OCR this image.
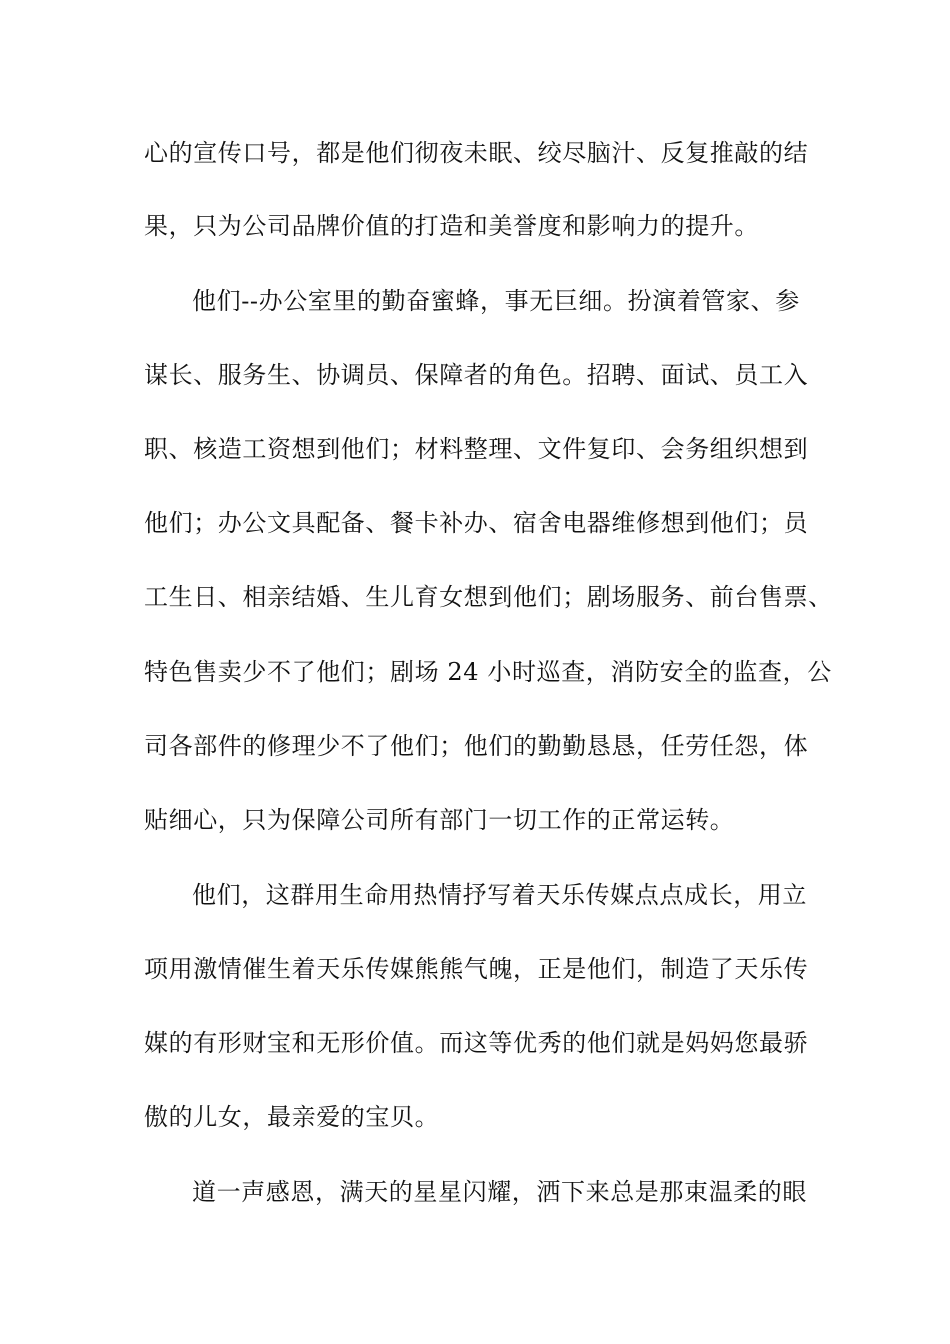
心的宣传口号，都是他们彻夜未眠、绞尽脑汁、反复推敲的结
果，只为公司品牌价值的打造和美誉度和影响力的提升。
他们--办公室里的勤奋蜜蜂，事无巨细。扮演着管家、参
谋长、服务生、协调员、保障者的角色。招聘、面试、员工入
职、核造工资想到他们；材料整理、文件复印、会务组织想到
他们；办公文具配备、餐卡补办、宿舍电器维修想到他们；员
工生日、相亲结婚、生儿育女想到他们；剧场服务、前台售票、
特色售卖少不了他们；剧场 24 小时巡查，消防安全的监查，公
司各部件的修理少不了他们；他们的勤勤恳恳，任劳任怨，体
贴细心，只为保障公司所有部门一切工作的正常运转。
他们，这群用生命用热情抒写着天乐传媒点点成长，用立
项用激情催生着天乐传媒熊熊气魄，正是他们，制造了天乐传
媒的有形财宝和无形价值。而这等优秀的他们就是妈妈您最骄
傲的儿女，最亲爱的宝贝。
道一声感恩，满天的星星闪耀，洒下来总是那束温柔的眼
